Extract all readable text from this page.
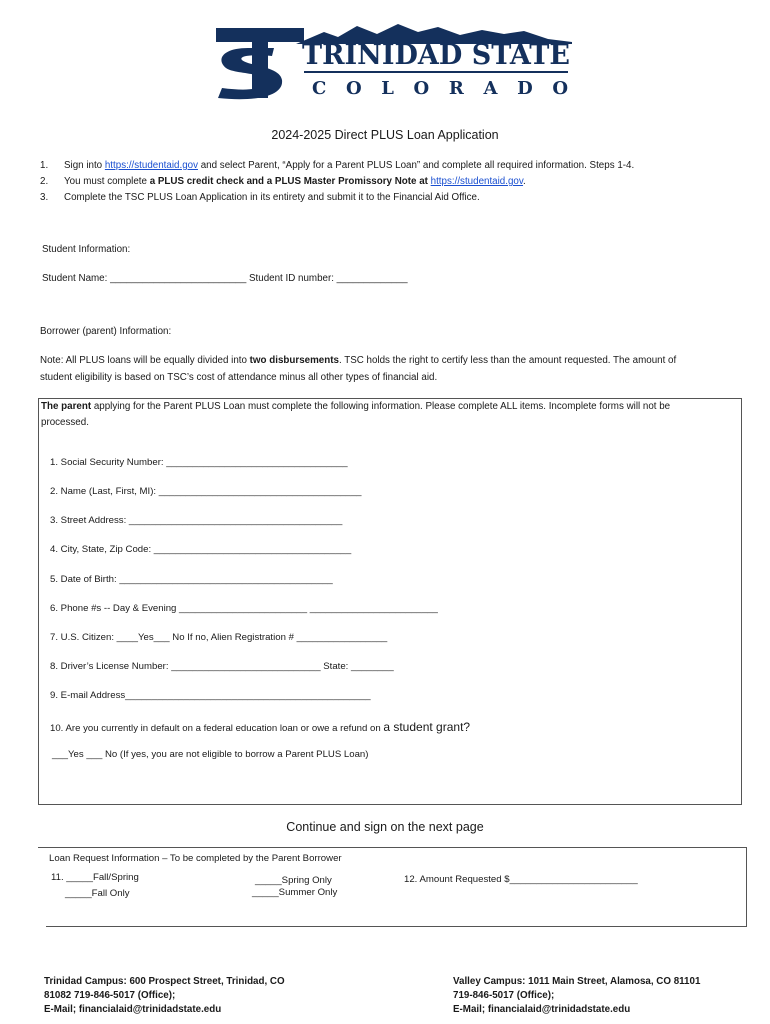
TRINIDAD STATE
COLORADO
2024-2025 Direct PLUS Loan Application
1. Sign into https://studentaid.gov and select Parent, “Apply for a Parent PLUS Loan” and complete all required information. Steps 1-4.
2. You must complete a PLUS credit check and a PLUS Master Promissory Note at https://studentaid.gov.
3. Complete the TSC PLUS Loan Application in its entirety and submit it to the Financial Aid Office.
Student Information:
Student Name: _________________________ Student ID number: _____________
Borrower (parent) Information:
Note: All PLUS loans will be equally divided into two disbursements. TSC holds the right to certify less than the amount requested. The amount of
student eligibility is based on TSC’s cost of attendance minus all other types of financial aid.
The parent applying for the Parent PLUS Loan must complete the following information. Please complete ALL items. Incomplete forms will not be
processed.
1. Social Security Number: __________________________________
2. Name (Last, First, MI): ______________________________________
3. Street Address: ________________________________________
4. City, State, Zip Code: _____________________________________
5. Date of Birth: ________________________________________
6. Phone #s -- Day & Evening ________________________ ________________________
7. U.S. Citizen: ____Yes___ No If no, Alien Registration # _________________
8. Driver’s License Number: ____________________________ State: ________
9. E-mail Address______________________________________________
10. Are you currently in default on a federal education loan or owe a refund on a student grant?
___Yes ___ No (If yes, you are not eligible to borrow a Parent PLUS Loan)
Continue and sign on the next page
Loan Request Information – To be completed by the Parent Borrower
11. _____Fall/Spring
_____Fall Only
_____Spring Only
_____Summer Only
12. Amount Requested $________________________
Trinidad Campus: 600 Prospect Street, Trinidad, CO
81082 719-846-5017 (Office);
E-Mail; financialaid@trinidadstate.edu
Valley Campus: 1011 Main Street, Alamosa, CO 81101
719-846-5017 (Office);
E-Mail; financialaid@trinidadstate.edu
